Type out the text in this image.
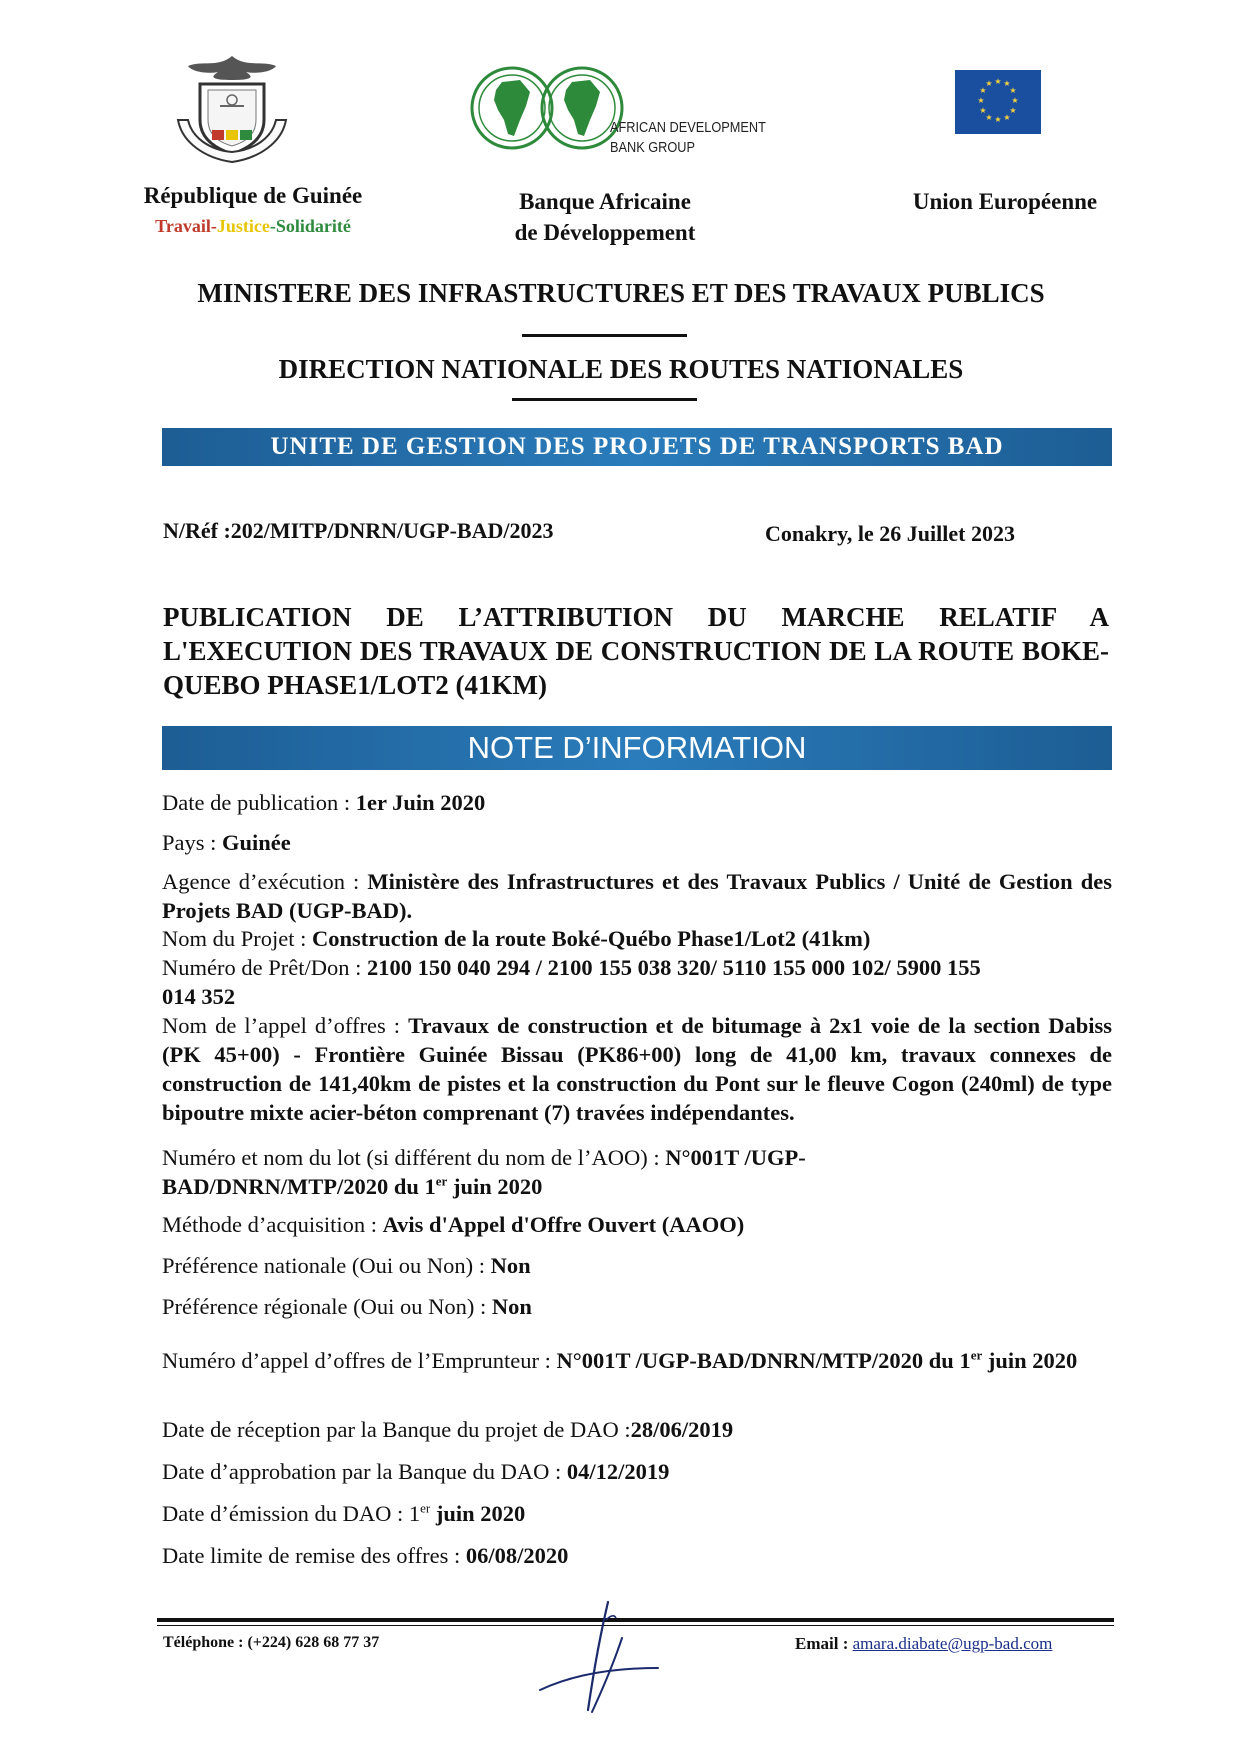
AFRICAN DEVELOPMENT
BANK GROUP
★ ★
★
★
★
★
★
★
★
★
★
★
République de Guinée
Travail-Justice-Solidarité
Banque Africaine
de Développement
Union Européenne
MINISTERE DES INFRASTRUCTURES ET DES TRAVAUX PUBLICS
DIRECTION NATIONALE DES ROUTES NATIONALES
UNITE DE GESTION DES PROJETS DE TRANSPORTS BAD
N/Réf :202/MITP/DNRN/UGP-BAD/2023	Conakry, le 26 Juillet 2023
PUBLICATION DE L’ATTRIBUTION DU MARCHE RELATIF A L'EXECUTION DES TRAVAUX DE CONSTRUCTION DE LA ROUTE BOKE-QUEBO PHASE1/LOT2 (41KM)
NOTE D’INFORMATION
Date de publication : 1er Juin 2020
Pays : Guinée
Agence d’exécution : Ministère des Infrastructures et des Travaux Publics / Unité de Gestion des Projets BAD (UGP-BAD).
Nom du Projet : Construction de la route Boké-Québo Phase1/Lot2 (41km)
Numéro de Prêt/Don : 2100 150 040 294 / 2100 155 038 320/ 5110 155 000 102/ 5900 155 014 352
Nom de l’appel d’offres : Travaux de construction et de bitumage à 2x1 voie de la section Dabiss (PK 45+00) - Frontière Guinée Bissau (PK86+00) long de 41,00 km, travaux connexes de construction de 141,40km de pistes et la construction du Pont sur le fleuve Cogon (240ml) de type bipoutre mixte acier-béton comprenant (7) travées indépendantes.
Numéro et nom du lot (si différent du nom de l’AOO) : N°001T /UGP-BAD/DNRN/MTP/2020 du 1er juin 2020
Méthode d’acquisition : Avis d'Appel d'Offre Ouvert (AAOO)
Préférence nationale (Oui ou Non) : Non
Préférence régionale (Oui ou Non) : Non
Numéro d’appel d’offres de l’Emprunteur : N°001T /UGP-BAD/DNRN/MTP/2020 du 1er juin 2020
Date de réception par la Banque du projet de DAO :28/06/2019
Date d’approbation par la Banque du DAO : 04/12/2019
Date d’émission du DAO : 1er juin 2020
Date limite de remise des offres : 06/08/2020
Téléphone : (+224) 628 68 77 37	Email : amara.diabate@ugp-bad.com
